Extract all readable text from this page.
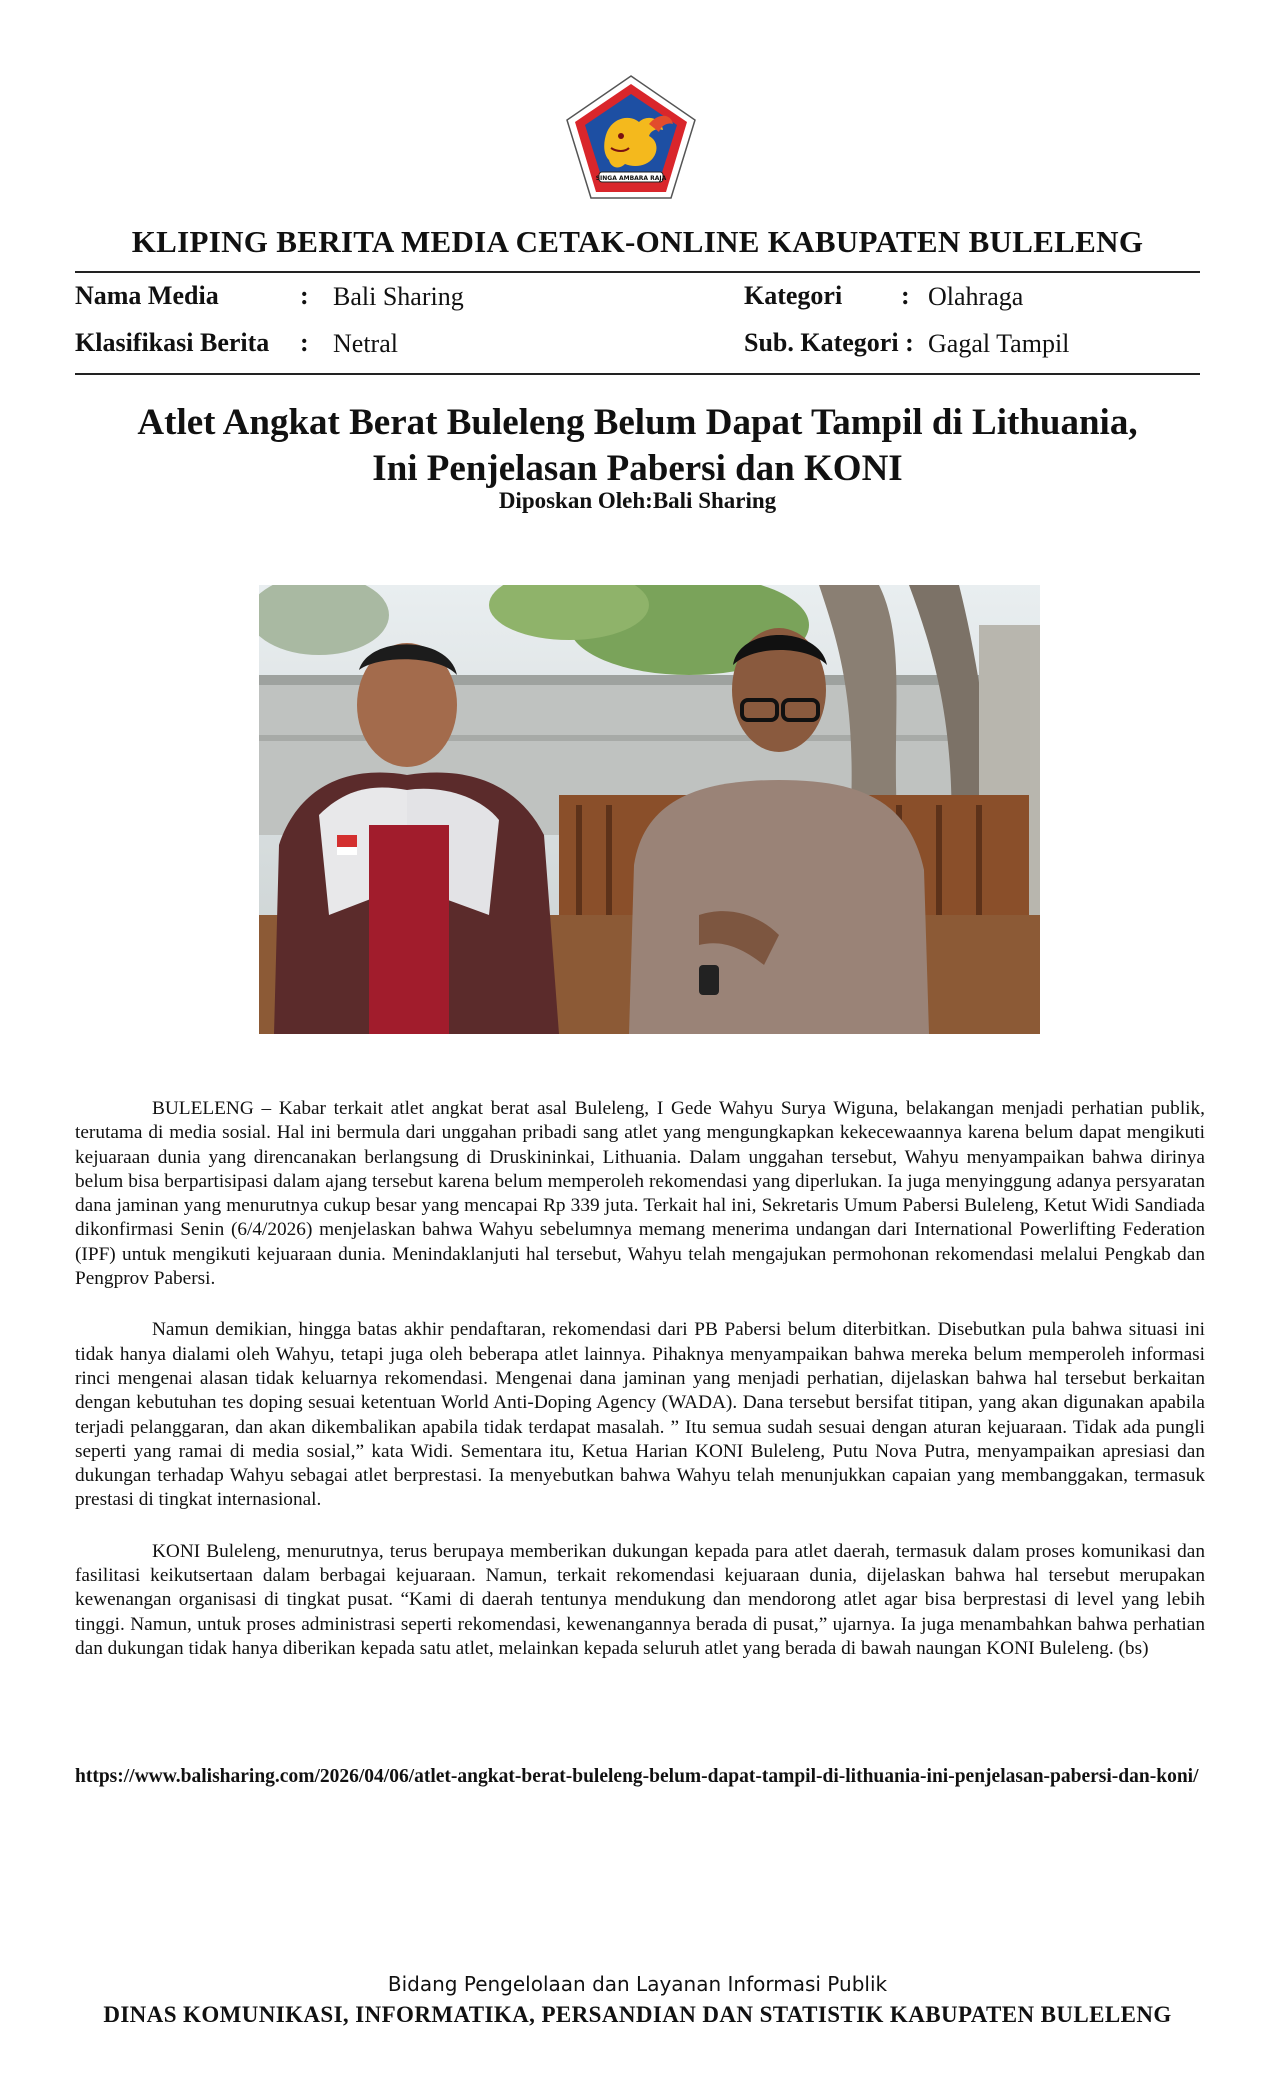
SINGA AMBARA RAJA
KLIPING BERITA MEDIA CETAK-ONLINE KABUPATEN BULELENG
Nama Media	: Bali Sharing
Klasifikasi Berita : Netral
Kategori : Olahraga
Sub. Kategori : Gagal Tampil
Atlet Angkat Berat Buleleng Belum Dapat Tampil di Lithuania,
Ini Penjelasan Pabersi dan KONI
Diposkan Oleh:Bali Sharing

BULELENG – Kabar terkait atlet angkat berat asal Buleleng, I Gede Wahyu Surya Wiguna, belakangan menjadi perhatian publik, terutama di media sosial. Hal ini bermula dari unggahan pribadi sang atlet yang mengungkapkan kekecewaannya karena belum dapat mengikuti kejuaraan dunia yang direncanakan berlangsung di Druskininkai, Lithuania. Dalam unggahan tersebut, Wahyu menyampaikan bahwa dirinya belum bisa berpartisipasi dalam ajang tersebut karena belum memperoleh rekomendasi yang diperlukan. Ia juga menyinggung adanya persyaratan dana jaminan yang menurutnya cukup besar yang mencapai Rp 339 juta. Terkait hal ini, Sekretaris Umum Pabersi Buleleng, Ketut Widi Sandiada dikonfirmasi Senin (6/4/2026) menjelaskan bahwa Wahyu sebelumnya memang menerima undangan dari International Powerlifting Federation (IPF) untuk mengikuti kejuaraan dunia. Menindaklanjuti hal tersebut, Wahyu telah mengajukan permohonan rekomendasi melalui Pengkab dan Pengprov Pabersi.

Namun demikian, hingga batas akhir pendaftaran, rekomendasi dari PB Pabersi belum diterbitkan. Disebutkan pula bahwa situasi ini tidak hanya dialami oleh Wahyu, tetapi juga oleh beberapa atlet lainnya. Pihaknya menyampaikan bahwa mereka belum memperoleh informasi rinci mengenai alasan tidak keluarnya rekomendasi. Mengenai dana jaminan yang menjadi perhatian, dijelaskan bahwa hal tersebut berkaitan dengan kebutuhan tes doping sesuai ketentuan World Anti-Doping Agency (WADA). Dana tersebut bersifat titipan, yang akan digunakan apabila terjadi pelanggaran, dan akan dikembalikan apabila tidak terdapat masalah. ” Itu semua sudah sesuai dengan aturan kejuaraan. Tidak ada pungli seperti yang ramai di media sosial,” kata Widi. Sementara itu, Ketua Harian KONI Buleleng, Putu Nova Putra, menyampaikan apresiasi dan dukungan terhadap Wahyu sebagai atlet berprestasi. Ia menyebutkan bahwa Wahyu telah menunjukkan capaian yang membanggakan, termasuk prestasi di tingkat internasional.

KONI Buleleng, menurutnya, terus berupaya memberikan dukungan kepada para atlet daerah, termasuk dalam proses komunikasi dan fasilitasi keikutsertaan dalam berbagai kejuaraan. Namun, terkait rekomendasi kejuaraan dunia, dijelaskan bahwa hal tersebut merupakan kewenangan organisasi di tingkat pusat. “Kami di daerah tentunya mendukung dan mendorong atlet agar bisa berprestasi di level yang lebih tinggi. Namun, untuk proses administrasi seperti rekomendasi, kewenangannya berada di pusat,” ujarnya. Ia juga menambahkan bahwa perhatian dan dukungan tidak hanya diberikan kepada satu atlet, melainkan kepada seluruh atlet yang berada di bawah naungan KONI Buleleng. (bs)

https://www.balisharing.com/2026/04/06/atlet-angkat-berat-buleleng-belum-dapat-tampil-di-lithuania-ini-penjelasan-pabersi-dan-koni/
Bidang Pengelolaan dan Layanan Informasi Publik
DINAS KOMUNIKASI, INFORMATIKA, PERSANDIAN DAN STATISTIK KABUPATEN BULELENG
